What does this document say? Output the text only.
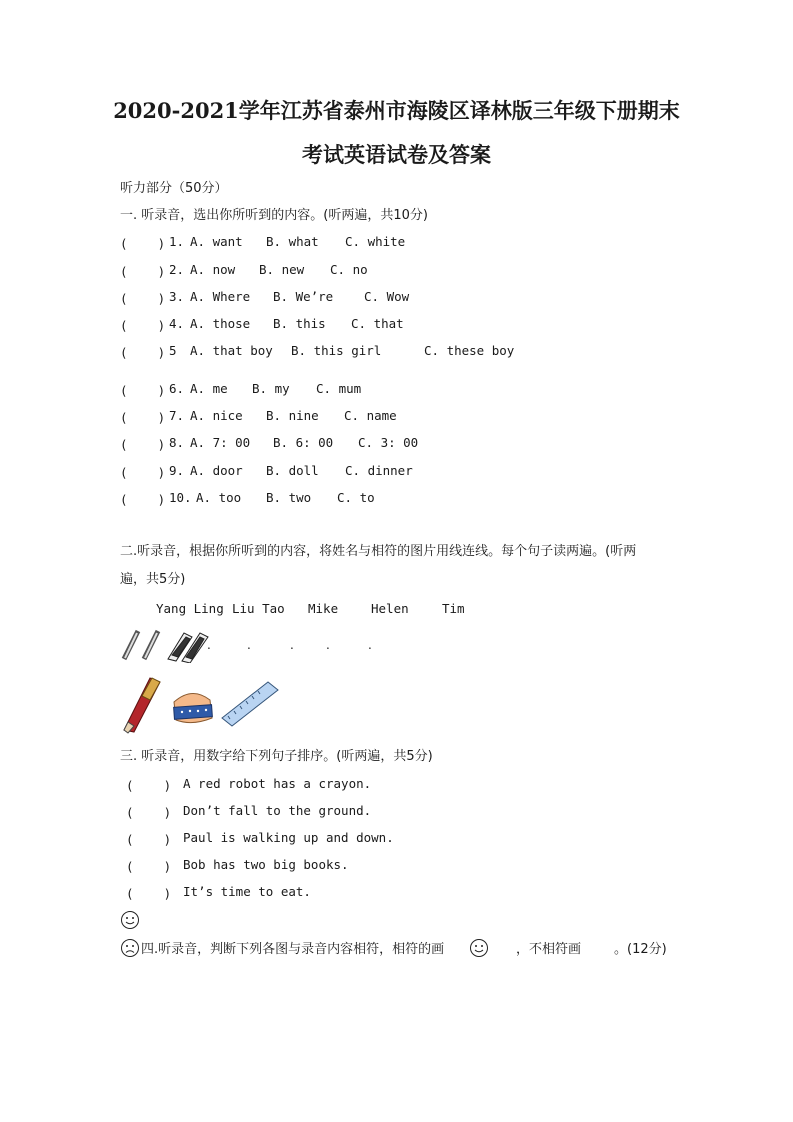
2020-2021学年江苏省泰州市海陵区译林版三年级下册期末
考试英语试卷及答案
听力部分（50分）
一. 听录音，选出你所听到的内容。(听两遍，共10分)
(    ) 1. A. want B. what C. white
(    ) 2. A. now B. new C. no
(    ) 3. A. Where B. We’re C. Wow
(    ) 4. A. those B. this C. that
(    ) 5 A. that boy B. this girl	C. these boy
(    ) 6. A. me B. my C. mum
(    ) 7. A. nice B. nine C. name
(    ) 8. A. 7: 00 B. 6: 00 C. 3: 00
(    ) 9. A. door B. doll C. dinner
(    ) 10. A. too B. two C. to
二.听录音，根据你所听到的内容，将姓名与相符的图片用线连线。每个句子读两遍。(听两
遍，共5分)
Yang Ling Liu Tao Mike	Helen	Tim
.	.	.	.	.
三. 听录音，用数字给下列句子排序。(听两遍，共5分)
(    ) A red robot has a crayon.
(    ) Don’t fall to the ground.
(    ) Paul is walking up and down.
(    ) Bob has two big books.
(    ) It’s time to eat.
四.听录音，判断下列各图与录音内容相符，相符的画	，不相符画	。(12分)
